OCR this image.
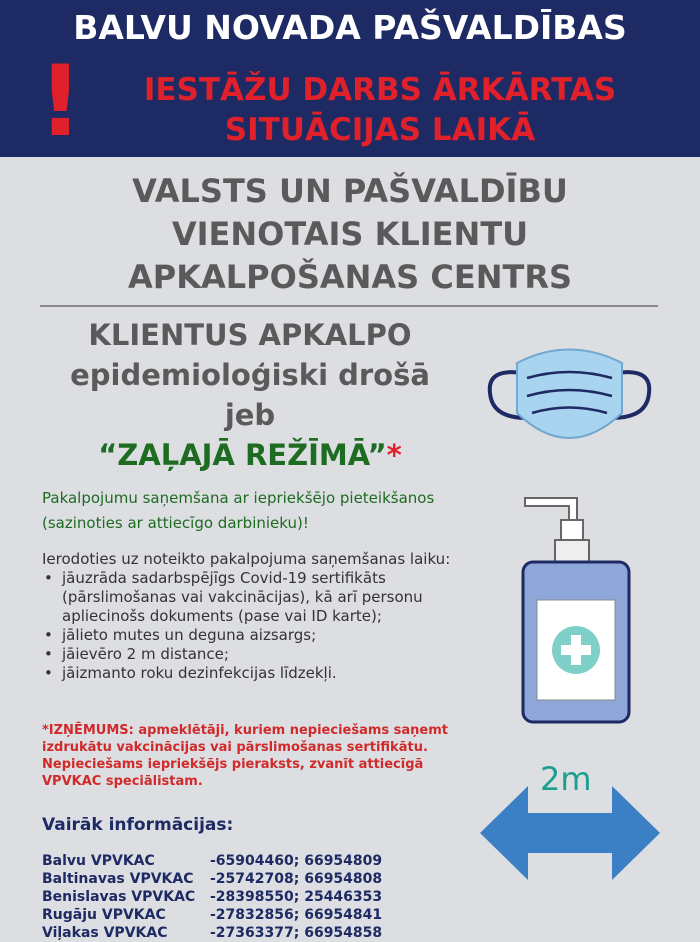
BALVU NOVADA PAŠVALDĪBAS
!	IESTĀŽU DARBS ĀRKĀRTAS
SITUĀCIJAS LAIKĀ
VALSTS UN PAŠVALDĪBU
VIENOTAIS KLIENTU
APKALPOŠANAS CENTRS
KLIENTUS APKALPO
epidemioloģiski drošā
jeb
“ZAĻAJĀ REŽĪMĀ”*
2m
Pakalpojumu saņemšana ar iepriekšējo pieteikšanos (sazinoties ar attiecīgo darbinieku)!
Ierodoties uz noteikto pakalpojuma saņemšanas laiku:
• jāuzrāda sadarbspējīgs Covid-19 sertifikāts (pārslimošanas vai vakcinācijas), kā arī personu apliecinošs dokuments (pase vai ID karte);
• jālieto mutes un deguna aizsargs;
• jāievēro 2 m distance;
• jāizmanto roku dezinfekcijas līdzekļi.
*IZŅĒMUMS: apmeklētāji, kuriem nepieciešams saņemt izdrukātu vakcinācijas vai pārslimošanas sertifikātu. Nepieciešams iepriekšējs pieraksts, zvanīt attiecīgā VPVKAC speciālistam.
Vairāk informācijas:
Balvu VPVKAC	-65904460; 66954809
Baltinavas VPVKAC	-25742708; 66954808
Benislavas VPVKAC	-28398550; 25446353
Rugāju VPVKAC	-27832856; 66954841
Viļakas VPVKAC	-27363377; 66954858
